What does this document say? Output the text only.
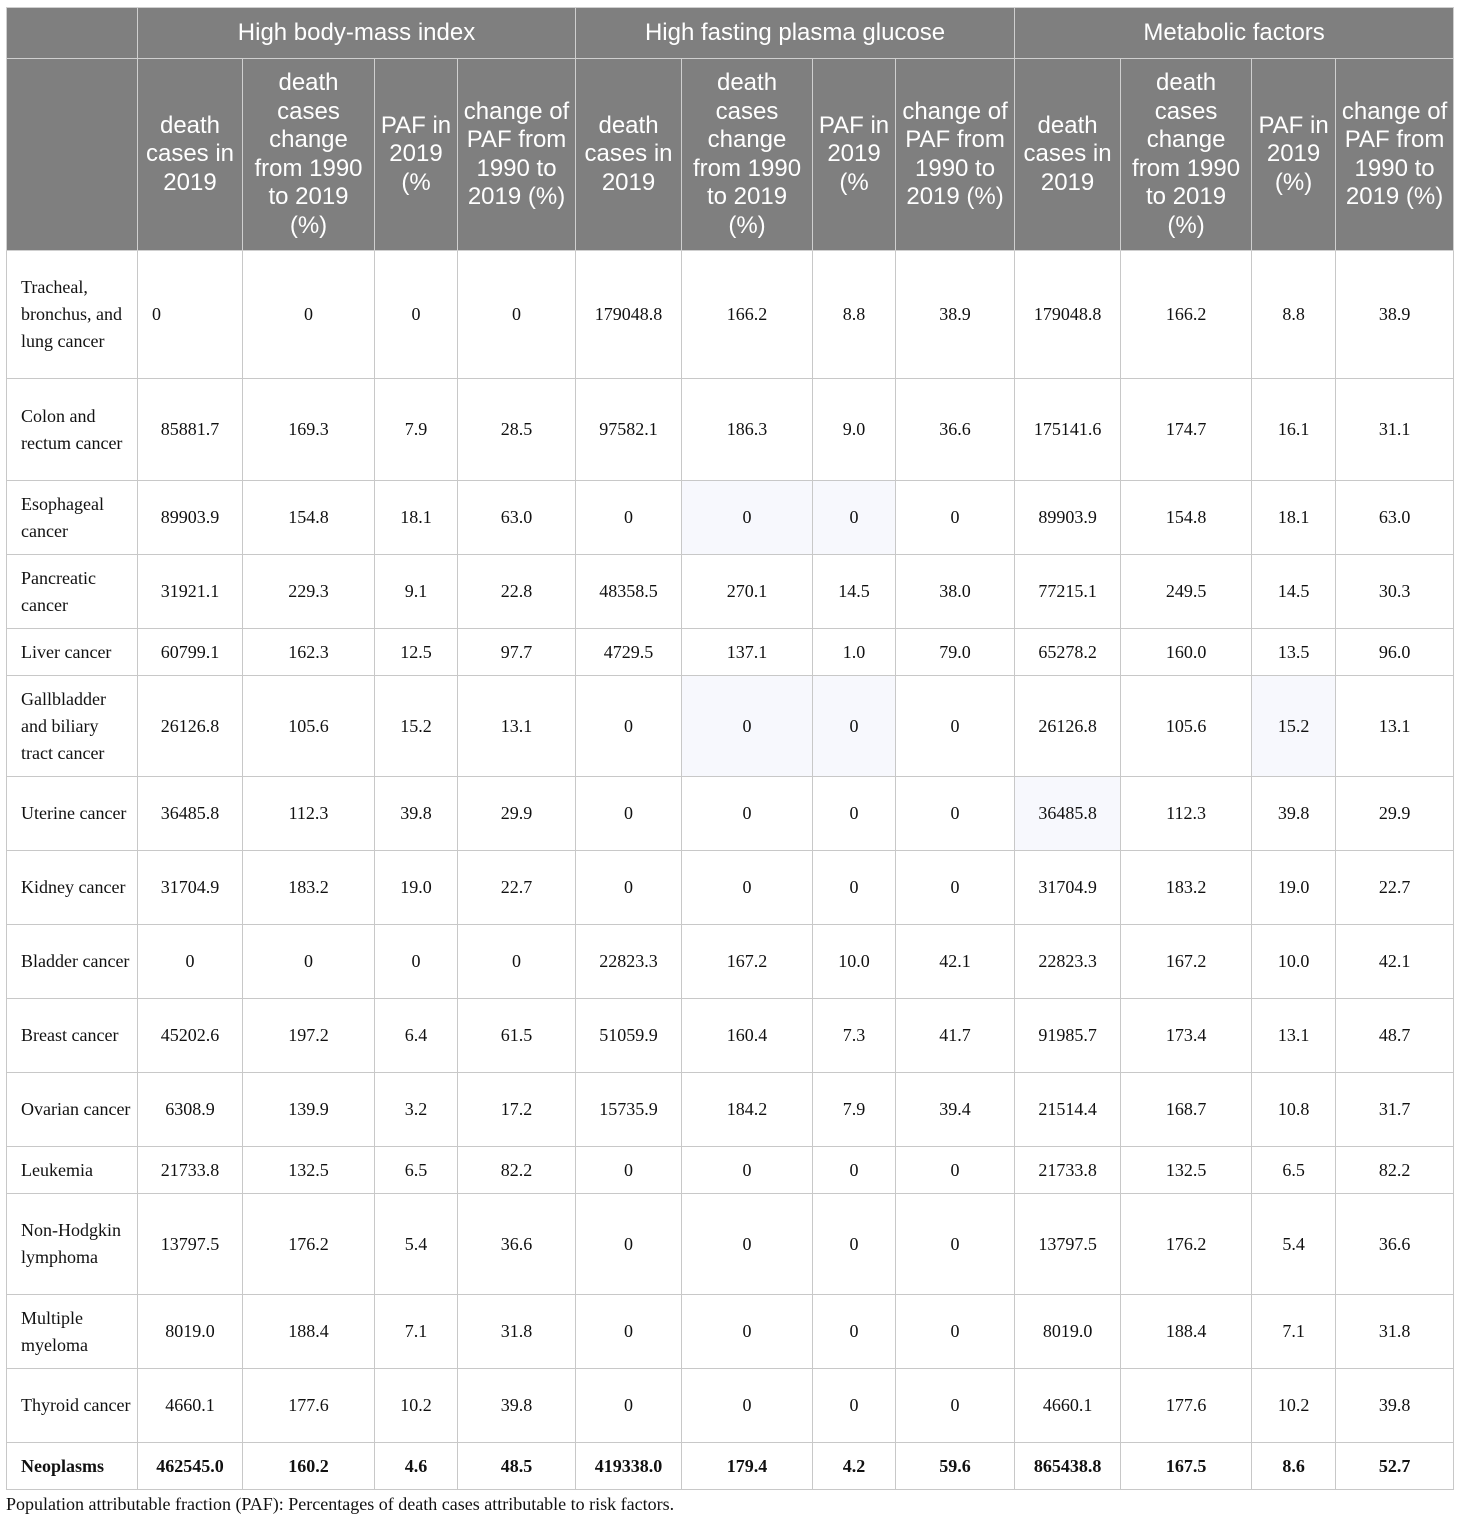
	High body-mass index				High fasting plasma glucose				Metabolic factors			
	death cases in 2019	death cases change from 1990 to 2019 (%)	PAF in 2019 (%	change of PAF from 1990 to 2019 (%)	death cases in 2019	death cases change from 1990 to 2019 (%)	PAF in 2019 (%	change of PAF from 1990 to 2019 (%)	death cases in 2019	death cases change from 1990 to 2019 (%)	PAF in 2019 (%)	change of PAF from 1990 to 2019 (%)
Tracheal, bronchus, and lung cancer	0	0	0	0	179048.8	166.2	8.8	38.9	179048.8	166.2	8.8	38.9
Colon and rectum cancer	85881.7	169.3	7.9	28.5	97582.1	186.3	9.0	36.6	175141.6	174.7	16.1	31.1
Esophageal cancer	89903.9	154.8	18.1	63.0	0	0	0	0	89903.9	154.8	18.1	63.0
Pancreatic cancer	31921.1	229.3	9.1	22.8	48358.5	270.1	14.5	38.0	77215.1	249.5	14.5	30.3
Liver cancer	60799.1	162.3	12.5	97.7	4729.5	137.1	1.0	79.0	65278.2	160.0	13.5	96.0
Gallbladder and biliary tract cancer	26126.8	105.6	15.2	13.1	0	0	0	0	26126.8	105.6	15.2	13.1
Uterine cancer	36485.8	112.3	39.8	29.9	0	0	0	0	36485.8	112.3	39.8	29.9
Kidney cancer	31704.9	183.2	19.0	22.7	0	0	0	0	31704.9	183.2	19.0	22.7
Bladder cancer	0	0	0	0	22823.3	167.2	10.0	42.1	22823.3	167.2	10.0	42.1
Breast cancer	45202.6	197.2	6.4	61.5	51059.9	160.4	7.3	41.7	91985.7	173.4	13.1	48.7
Ovarian cancer	6308.9	139.9	3.2	17.2	15735.9	184.2	7.9	39.4	21514.4	168.7	10.8	31.7
Leukemia	21733.8	132.5	6.5	82.2	0	0	0	0	21733.8	132.5	6.5	82.2
Non-Hodgkin lymphoma	13797.5	176.2	5.4	36.6	0	0	0	0	13797.5	176.2	5.4	36.6
Multiple myeloma	8019.0	188.4	7.1	31.8	0	0	0	0	8019.0	188.4	7.1	31.8
Thyroid cancer	4660.1	177.6	10.2	39.8	0	0	0	0	4660.1	177.6	10.2	39.8
Neoplasms	462545.0	160.2	4.6	48.5	419338.0	179.4	4.2	59.6	865438.8	167.5	8.6	52.7
Population attributable fraction (PAF): Percentages of death cases attributable to risk factors.
